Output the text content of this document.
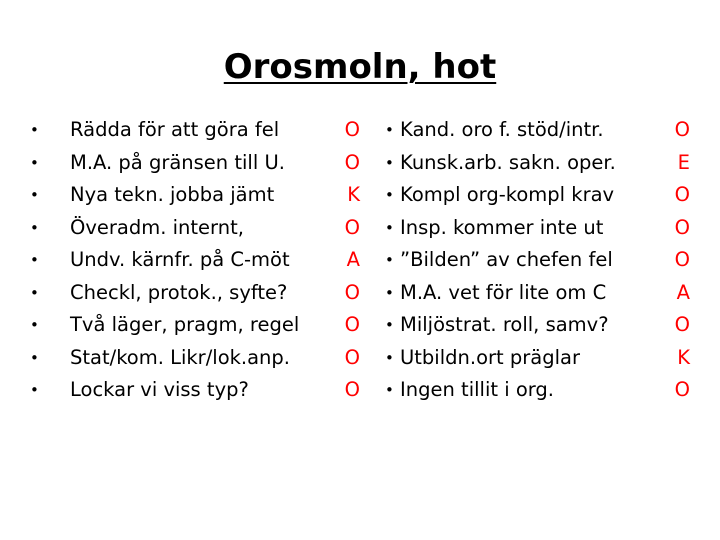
Orosmoln, hot
• Rädda för att göra fel	O
• M.A. på gränsen till U.	O
• Nya tekn. jobba jämt	K
• Överadm. internt,	O
• Undv. kärnfr. på C-möt	A
• Checkl, protok., syfte?	O
• Två läger, pragm, regel O
• Stat/kom. Likr/lok.anp.	O
• Lockar vi viss typ?	O
• Kand. oro f. stöd/intr.	O
• Kunsk.arb. sakn. oper.	E
• Kompl org-kompl krav	O
• Insp. kommer inte ut	O
• ”Bilden” av chefen fel	O
• M.A. vet för lite om C	A
• Miljöstrat. roll, samv?	O
• Utbildn.ort präglar	K
• Ingen tillit i org.	O
